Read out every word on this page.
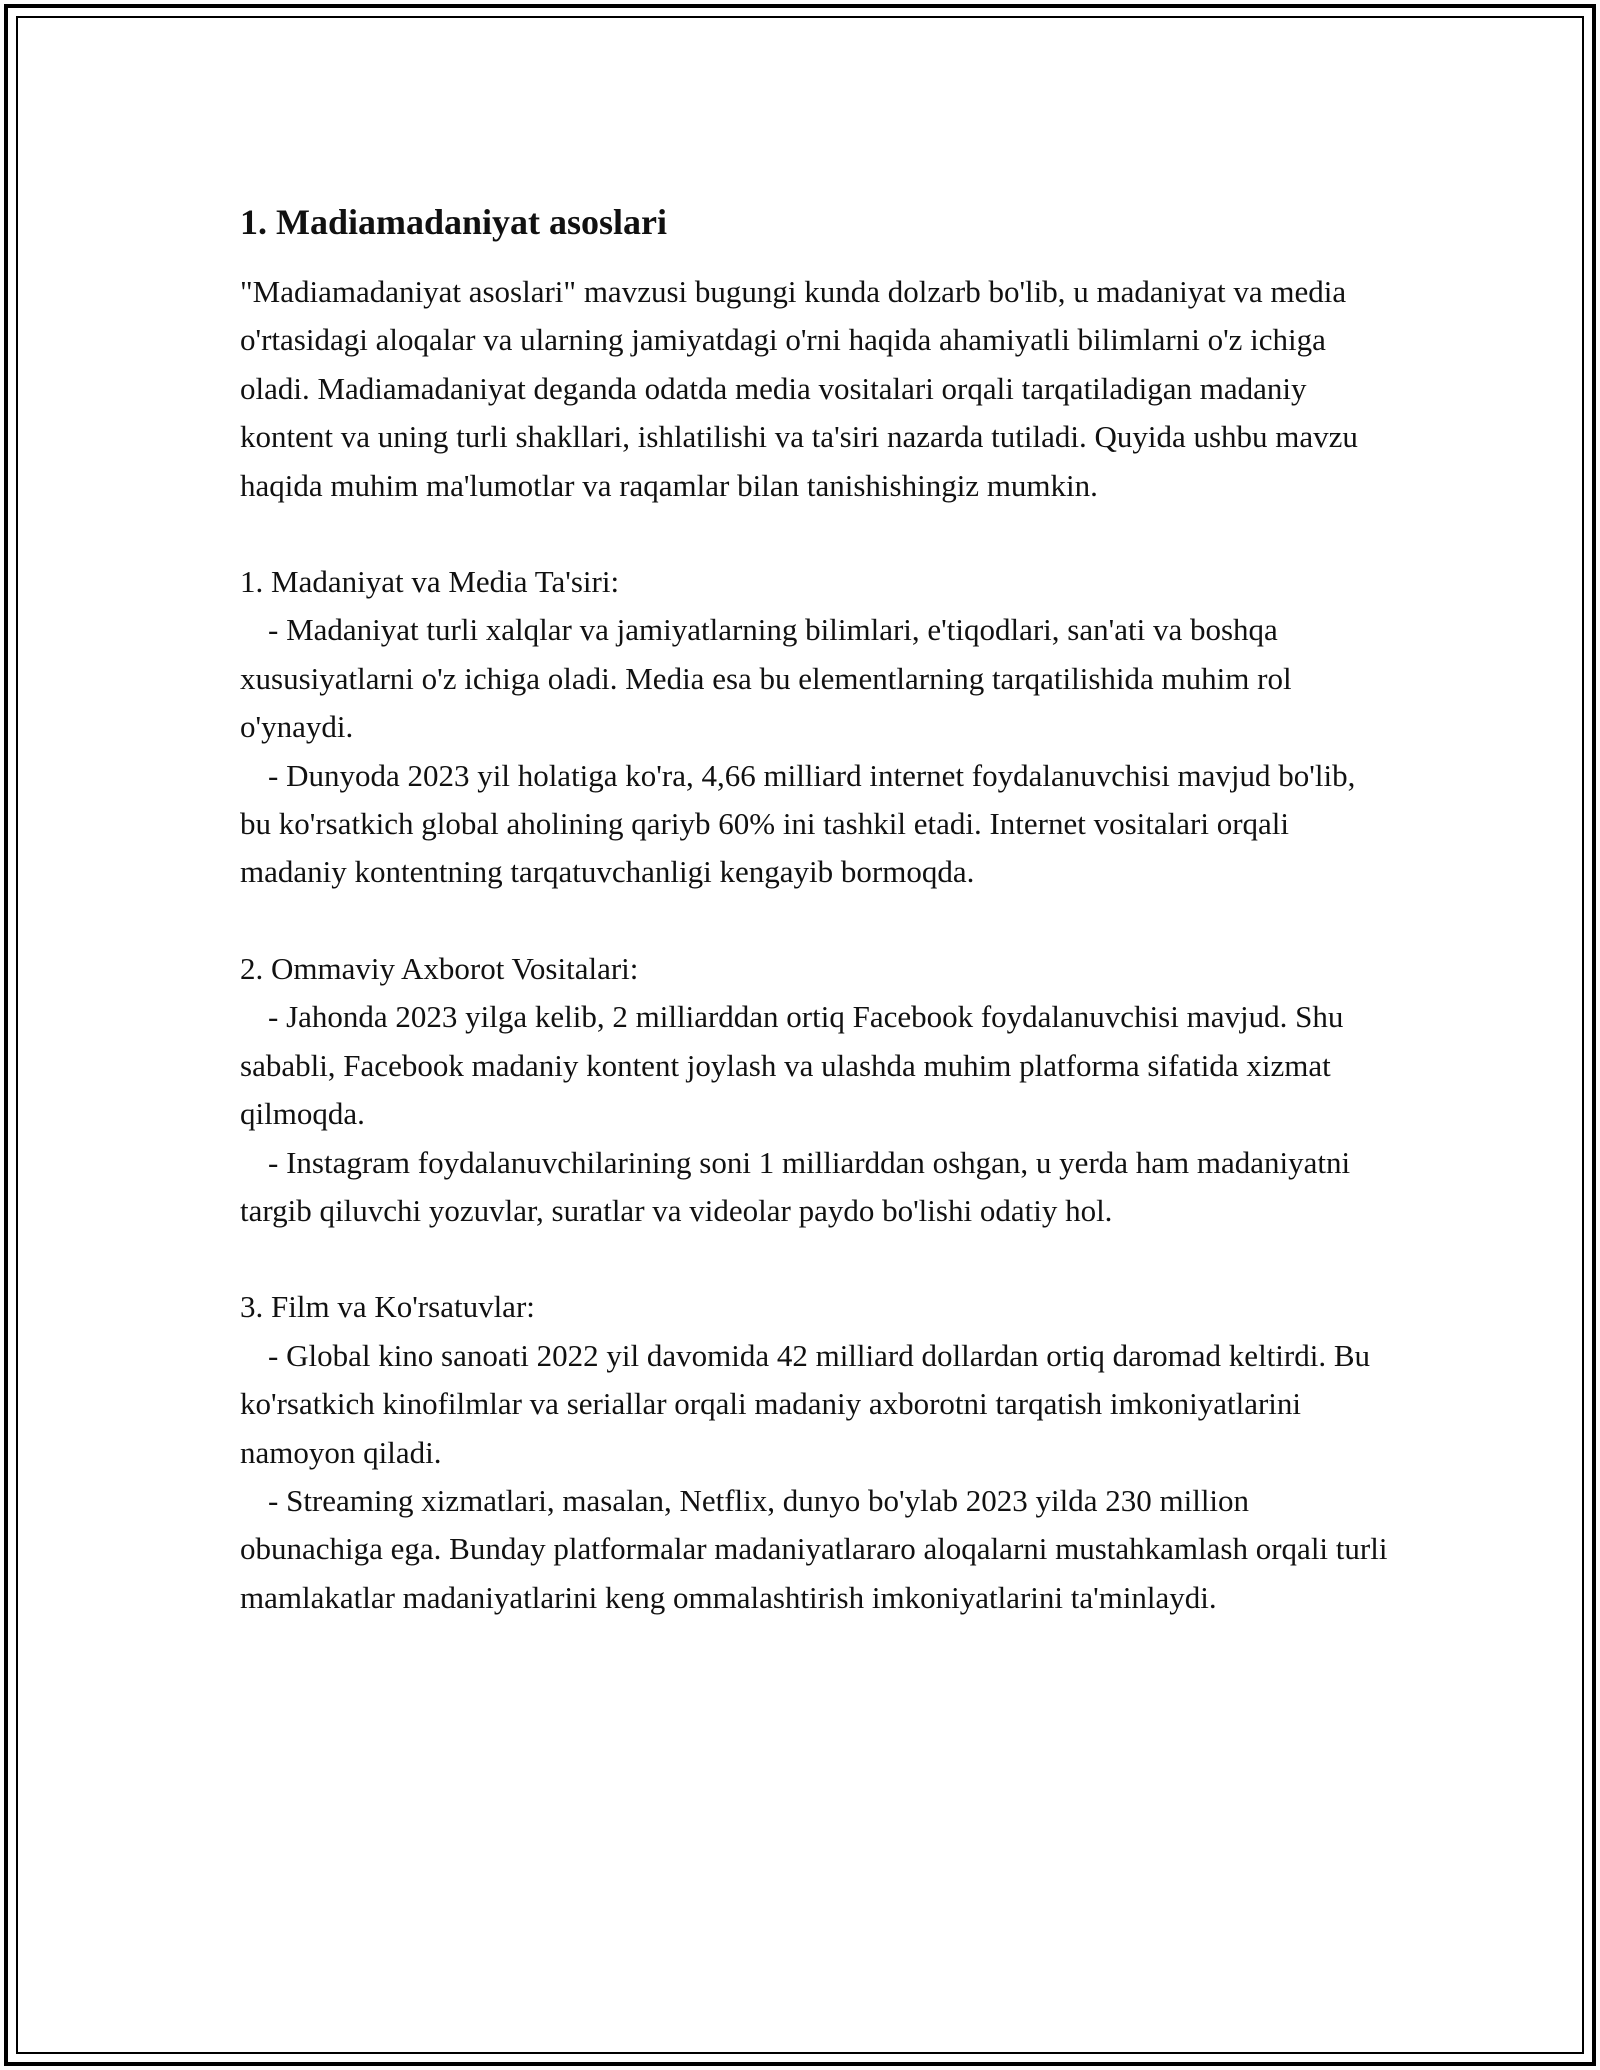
1. Madiamadaniyat asoslari

"Madiamadaniyat asoslari" mavzusi bugungi kunda dolzarb bo'lib, u madaniyat va media o'rtasidagi aloqalar va ularning jamiyatdagi o'rni haqida ahamiyatli bilimlarni o'z ichiga oladi. Madiamadaniyat deganda odatda media vositalari orqali tarqatiladigan madaniy kontent va uning turli shakllari, ishlatilishi va ta'siri nazarda tutiladi. Quyida ushbu mavzu haqida muhim ma'lumotlar va raqamlar bilan tanishishingiz mumkin.

1. Madaniyat va Media Ta'siri:

- Madaniyat turli xalqlar va jamiyatlarning bilimlari, e'tiqodlari, san'ati va boshqa xususiyatlarni o'z ichiga oladi. Media esa bu elementlarning tarqatilishida muhim rol o'ynaydi.

- Dunyoda 2023 yil holatiga ko'ra, 4,66 milliard internet foydalanuvchisi mavjud bo'lib, bu ko'rsatkich global aholining qariyb 60% ini tashkil etadi. Internet vositalari orqali madaniy kontentning tarqatuvchanligi kengayib bormoqda.

2. Ommaviy Axborot Vositalari:

- Jahonda 2023 yilga kelib, 2 milliarddan ortiq Facebook foydalanuvchisi mavjud. Shu sababli, Facebook madaniy kontent joylash va ulashda muhim platforma sifatida xizmat qilmoqda.

- Instagram foydalanuvchilarining soni 1 milliarddan oshgan, u yerda ham madaniyatni targib qiluvchi yozuvlar, suratlar va videolar paydo bo'lishi odatiy hol.

3. Film va Ko'rsatuvlar:

- Global kino sanoati 2022 yil davomida 42 milliard dollardan ortiq daromad keltirdi. Bu ko'rsatkich kinofilmlar va seriallar orqali madaniy axborotni tarqatish imkoniyatlarini namoyon qiladi.

- Streaming xizmatlari, masalan, Netflix, dunyo bo'ylab 2023 yilda 230 million obunachiga ega. Bunday platformalar madaniyatlararo aloqalarni mustahkamlash orqali turli mamlakatlar madaniyatlarini keng ommalashtirish imkoniyatlarini ta'minlaydi.
